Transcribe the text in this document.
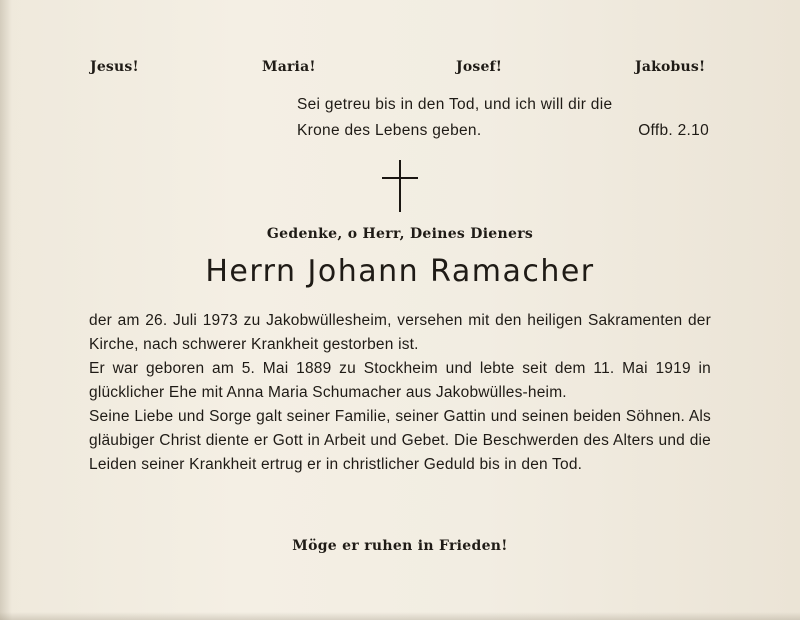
Jesus!	Maria!	Josef!	Jakobus!
Sei getreu bis in den Tod, und ich will dir die
Krone des Lebens geben.	Offb. 2.10
Gedenke, o Herr, Deines Dieners
Herrn Johann Ramacher

der am 26. Juli 1973 zu Jakobwüllesheim, versehen mit den heiligen Sakramenten der Kirche, nach schwerer Krankheit gestorben ist.

Er war geboren am 5. Mai 1889 zu Stockheim und lebte seit dem 11. Mai 1919 in glücklicher Ehe mit Anna Maria Schumacher aus Jakobwülles-heim.

Seine Liebe und Sorge galt seiner Familie, seiner Gattin und seinen beiden Söhnen. Als gläubiger Christ diente er Gott in Arbeit und Gebet. Die Beschwerden des Alters und die Leiden seiner Krankheit ertrug er in christlicher Geduld bis in den Tod.

Möge er ruhen in Frieden!
